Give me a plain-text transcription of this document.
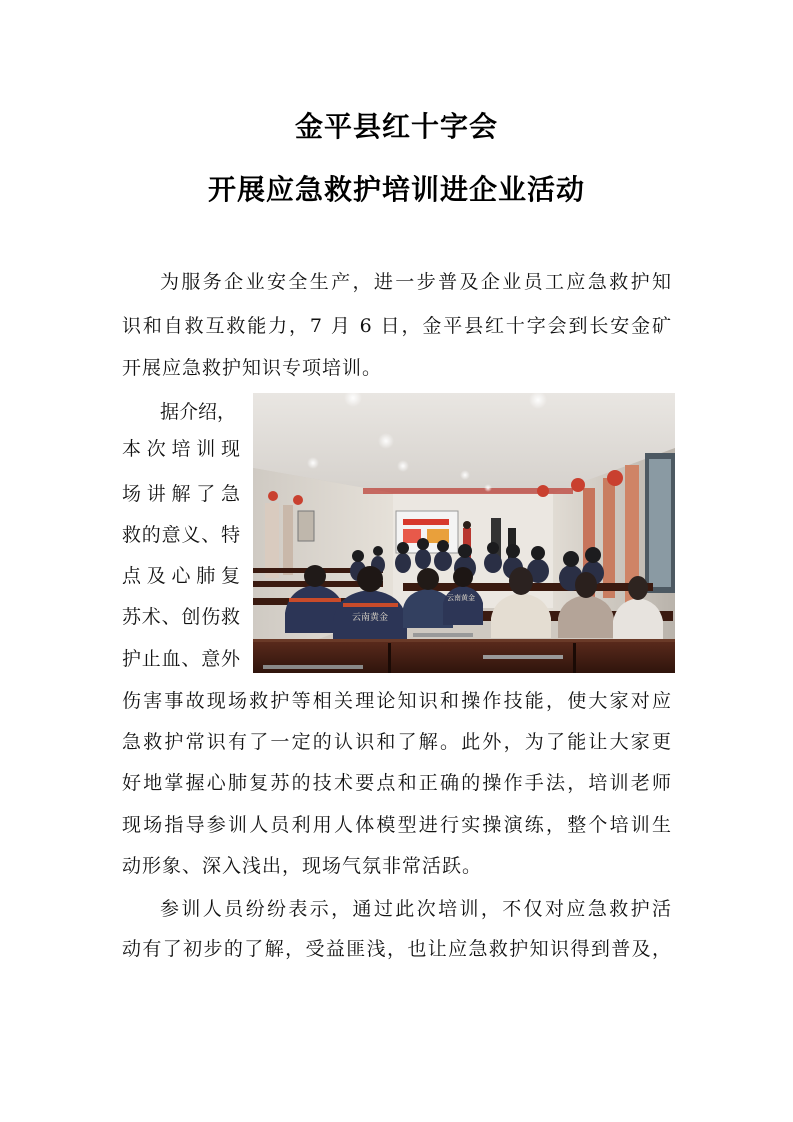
金平县红十字会
开展应急救护培训进企业活动
为服务企业安全生产，进一步普及企业员工应急救护知
识和自救互救能力，7 月 6 日，金平县红十字会到长安金矿
开展应急救护知识专项培训。
据介绍，
本次培训现
场讲解了急
救的意义、特
点及心肺复
苏术、创伤救
护止血、意外
云南黄金
云南黄金
伤害事故现场救护等相关理论知识和操作技能，使大家对应
急救护常识有了一定的认识和了解。此外，为了能让大家更
好地掌握心肺复苏的技术要点和正确的操作手法，培训老师
现场指导参训人员利用人体模型进行实操演练，整个培训生
动形象、深入浅出，现场气氛非常活跃。
参训人员纷纷表示，通过此次培训，不仅对应急救护活
动有了初步的了解，受益匪浅，也让应急救护知识得到普及，
